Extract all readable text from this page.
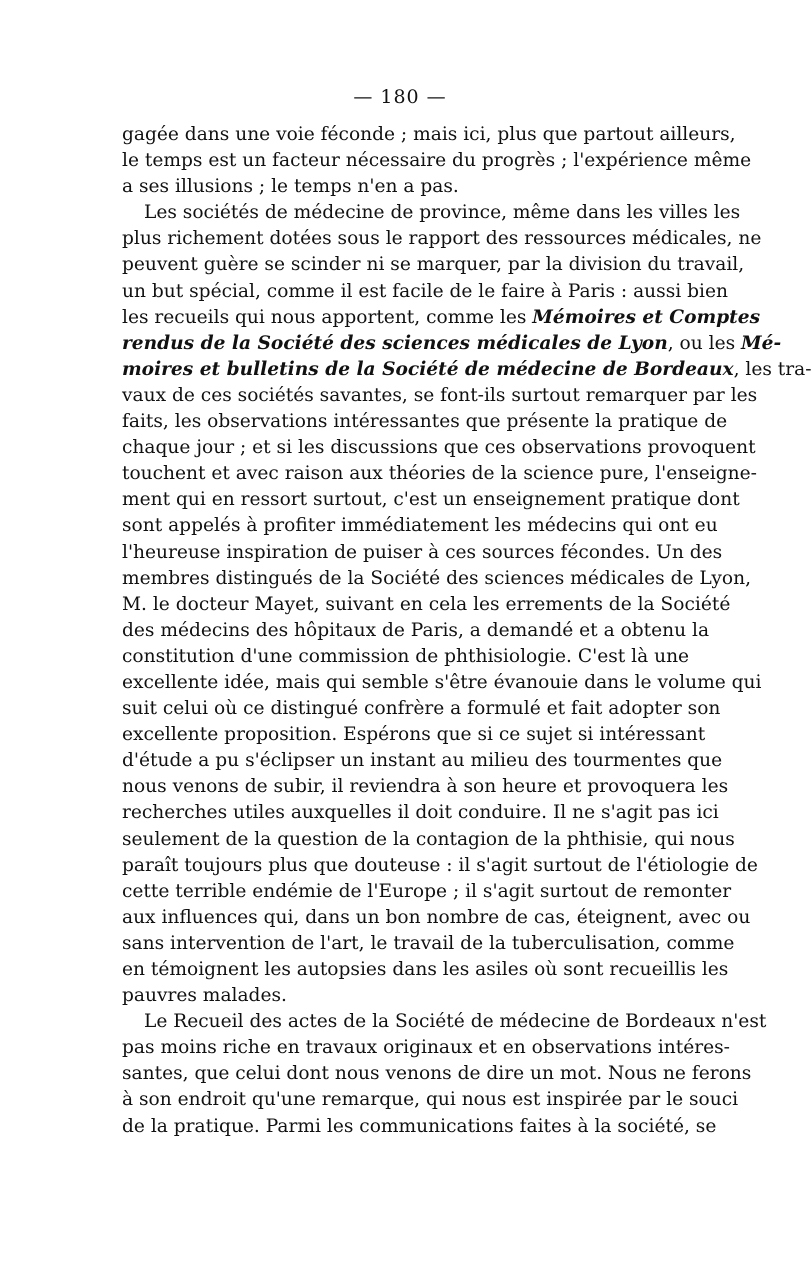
— 180 —
gagée dans une voie féconde ; mais ici, plus que partout ailleurs,
le temps est un facteur nécessaire du progrès ; l'expérience même
a ses illusions ; le temps n'en a pas.
Les sociétés de médecine de province, même dans les villes les
plus richement dotées sous le rapport des ressources médicales, ne
peuvent guère se scinder ni se marquer, par la division du travail,
un but spécial, comme il est facile de le faire à Paris : aussi bien
les recueils qui nous apportent, comme les Mémoires et Comptes
rendus de la Société des sciences médicales de Lyon, ou les Mé-
moires et bulletins de la Société de médecine de Bordeaux, les tra-
vaux de ces sociétés savantes, se font-ils surtout remarquer par les
faits, les observations intéressantes que présente la pratique de
chaque jour ; et si les discussions que ces observations provoquent
touchent et avec raison aux théories de la science pure, l'enseigne-
ment qui en ressort surtout, c'est un enseignement pratique dont
sont appelés à profiter immédiatement les médecins qui ont eu
l'heureuse inspiration de puiser à ces sources fécondes. Un des
membres distingués de la Société des sciences médicales de Lyon,
M. le docteur Mayet, suivant en cela les errements de la Société
des médecins des hôpitaux de Paris, a demandé et a obtenu la
constitution d'une commission de phthisiologie. C'est là une
excellente idée, mais qui semble s'être évanouie dans le volume qui
suit celui où ce distingué confrère a formulé et fait adopter son
excellente proposition. Espérons que si ce sujet si intéressant
d'étude a pu s'éclipser un instant au milieu des tourmentes que
nous venons de subir, il reviendra à son heure et provoquera les
recherches utiles auxquelles il doit conduire. Il ne s'agit pas ici
seulement de la question de la contagion de la phthisie, qui nous
paraît toujours plus que douteuse : il s'agit surtout de l'étiologie de
cette terrible endémie de l'Europe ; il s'agit surtout de remonter
aux influences qui, dans un bon nombre de cas, éteignent, avec ou
sans intervention de l'art, le travail de la tuberculisation, comme
en témoignent les autopsies dans les asiles où sont recueillis les
pauvres malades.
Le Recueil des actes de la Société de médecine de Bordeaux n'est
pas moins riche en travaux originaux et en observations intéres-
santes, que celui dont nous venons de dire un mot. Nous ne ferons
à son endroit qu'une remarque, qui nous est inspirée par le souci
de la pratique. Parmi les communications faites à la société, se
